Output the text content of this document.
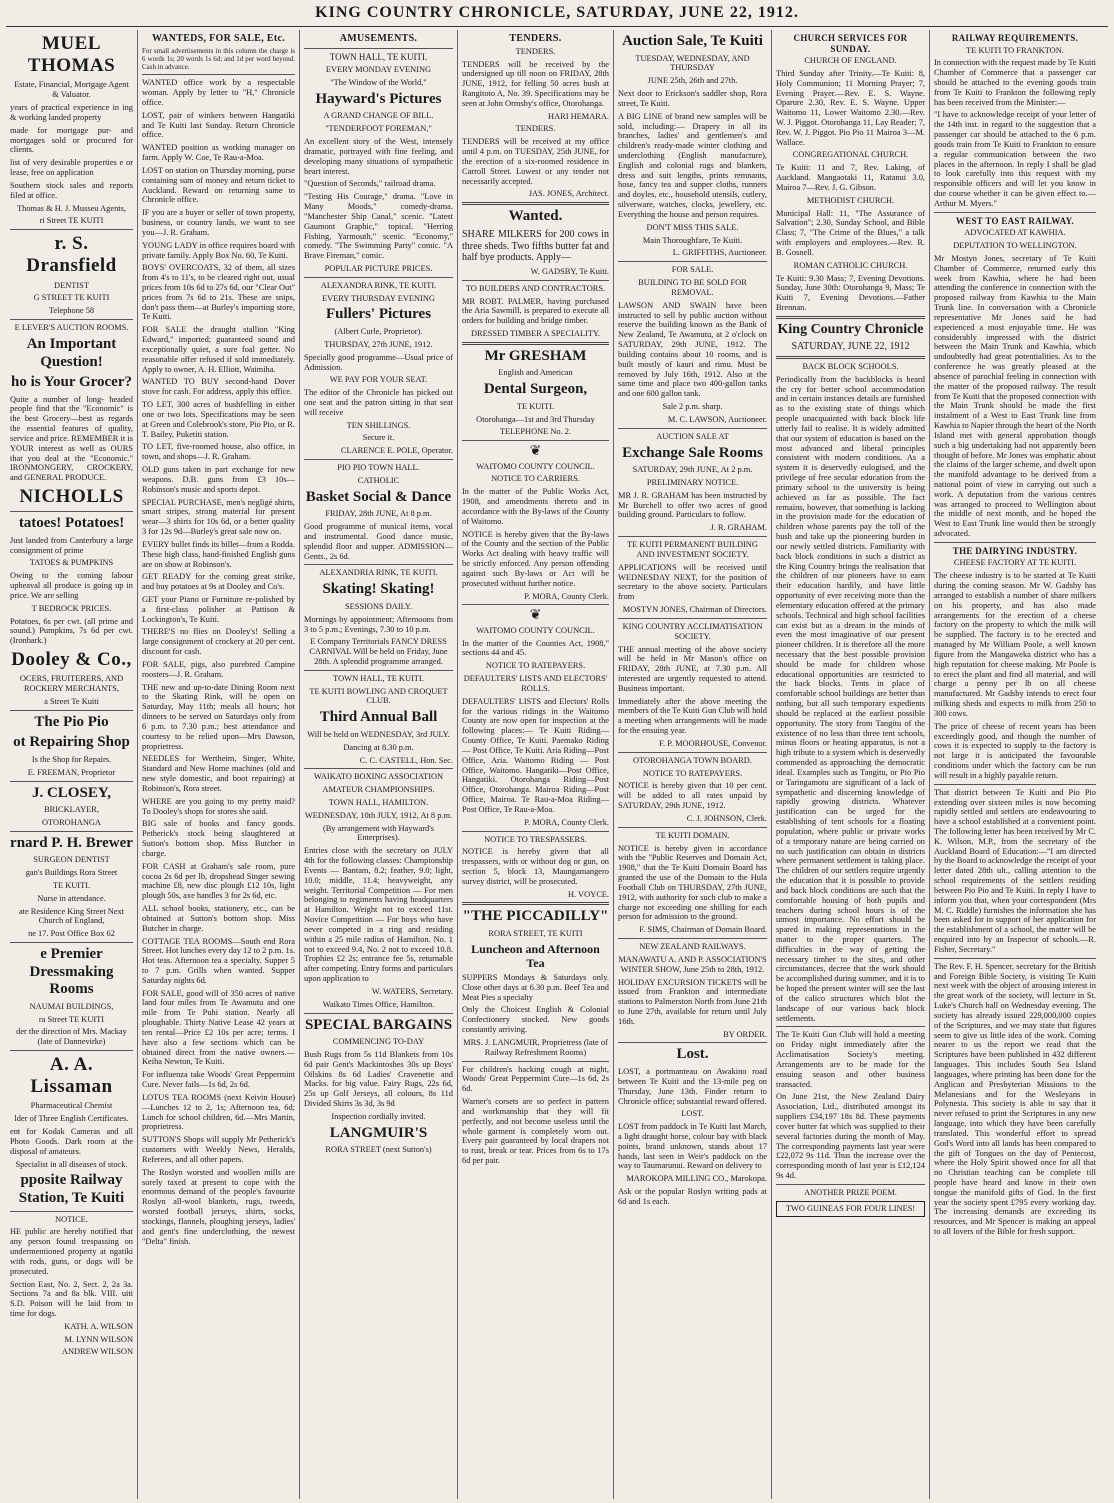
KING COUNTRY CHRONICLE, SATURDAY, JUNE 22, 1912.
MUEL THOMAS

Estate, Financial, Mortgage Agent & Valuator.

years of practical experience in ing & working landed property

made for mortgage pur- and mortgages sold or procured for clients.

list of very desirable properties e or lease, free on application

Southern stock sales and reports filed at office.

Thomas & H. J. Musseu Agents,

ri Street TE KUITI

r. S. Dransfield

DENTIST

G STREET TE KUITI

Telephone 58

E LEVER'S AUCTION ROOMS.

An Important Question!
ho is Your Grocer?

Quite a number of long- headed people find that the "Economic" is the best Grocery—best as regards the essential features of quality, service and price. REMEMBER it is YOUR interest as well as OURS that you deal at the "Economic." IRONMONGERY, CROCKERY, and GENERAL PRODUCE.

NICHOLLS
tatoes! Potatoes!

Just landed from Canterbury a large consignment of prime

TATOES & PUMPKINS

Owing to the coming labour upheaval all produce is going up in price. We are selling

T BEDROCK PRICES.

Potatoes, 6s per cwt. (all prime and sound.) Pumpkins, 7s 6d per cwt. (Ironbark.)

Dooley & Co.,

OCERS, FRUITERERS, AND ROCKERY MERCHANTS,

a Street Te Kuiti

The Pio Pio
ot Repairing Shop

Is the Shop for Repairs.

E. FREEMAN, Proprietor

J. CLOSEY,

BRICKLAYER,

OTOROHANGA

rnard P. H. Brewer

SURGEON DENTIST

gan's Buildings Rora Street

TE KUITI.

Nurse in attendance.

ate Residence King Street Next Church of England,

ne 17. Post Office Box 62

e Premier Dressmaking Rooms

NAUMAI BUILDINGS,

ra Street TE KUITI

der the direction of Mrs. Mackay (late of Dannevirke)

A. A. Lissaman

Pharmaceutical Chemist

lder of Three English Certificates.

ent for Kodak Cameras and all Photo Goods. Dark room at the disposal of amateurs.

Specialist in all diseases of stock.

pposite Railway Station, Te Kuiti

NOTICE.

HE public are hereby notified that any person found trespassing on undermentioned property at ngatiki with rods, guns, or dogs will be prosecuted.

Section East, No. 2, Sect. 2, 2a 3a. Sections 7a and 8a blk. VIII. uiti S.D. Poison will be laid from to time for dogs.

KATH. A. WILSON

M. LYNN WILSON

ANDREW WILSON

WANTEDS, FOR SALE, Etc.

For small advertisements in this column the charge is 6 words 1s; 20 words 1s 6d; and 1d per word beyond. Cash in advance.

WANTED office work by a respectable woman. Apply by letter to "H," Chronicle office.

LOST, pair of winkers between Hangatiki and Te Kuiti last Sunday. Return Chronicle office.

WANTED position as working manager on farm. Apply W. Coe, Te Rau-a-Moa.

LOST on station on Thursday morning, purse containing sum of money and return ticket to Auckland. Reward on returning same to Chronicle office.

IF you are a buyer or seller of town property, business, or country lands, we want to see you—J. R. Graham.

YOUNG LADY in office requires board with private family. Apply Box No. 60, Te Kuiti.

BOYS' OVERCOATS, 32 of them, all sizes from 4's to 11's, to be cleared right out, usual prices from 10s 6d to 27s 6d, our "Clear Out" prices from 7s 6d to 21s. These are snips, don't pass them—at Burley's importing store, Te Kuiti.

FOR SALE the draught stallion "King Edward," imported; guaranteed sound and exceptionally quiet, a sure foal getter. No reasonable offer refused if sold immediately. Apply to owner, A. H. Elliott, Waimiha.

WANTED TO BUY second-hand Dover stove for cash. For address, apply this office.

TO LET, 300 acres of bushfelling in either one or two lots. Specifications may be seen at Green and Colebrook's store, Pio Pio, or R. T. Bailey, Puketiti station.

TO LET, five-roomed house, also office, in town, and shops—J. R. Graham.

OLD guns taken in part exchange for new weapons. D.B. guns from £3 10s—Robinson's music and sports depot.

SPECIAL PURCHASE, men's negligé shirts, smart stripes, strong material for present wear—3 shirts for 10s 6d, or a better quality 3 for 12s 9d—Burley's great sale now on.

EVERY bullet finds its billet—from a Rodda. These high class, hand-finished English guns are on show at Robinson's.

GET READY for the coming great strike, and buy potatoes at 9s at Dooley and Co's.

GET your Piano or Furniture re-polished by a first-class polisher at Pattison & Lockington's, Te Kuiti.

THERE'S no flies on Dooley's! Selling a large consignment of crockery at 20 per cent. discount for cash.

FOR SALE, pigs, also purebred Campine roosters—J. R. Graham.

THE new and up-to-date Dining Room next to the Skating Rink, will be open on Saturday, May 11th; meals all hours; hot dinners to be served on Saturdays only from 6 p.m. to 7.30 p.m.; best attendance and courtesy to be relied upon—Mrs Dawson, proprietress.

NEEDLES for Wertheim, Singer, White, Standard and New Home machines (old and new style domestic, and boot repairing) at Robinson's, Rora street.

WHERE are you going to my pretty maid? To Dooley's shops for stores she said.

BIG sale of books and fancy goods. Petherick's stock being slaughtered at Sutton's bottom shop. Miss Butcher in charge.

FOR CASH at Graham's sale room, pure cocoa 2s 6d per lb, dropshead Singer sewing machine £8, new disc plough £12 10s, light plough 50s, axe handles 3 for 2s 6d, etc.

ALL school books, stationery, etc., can be obtained at Sutton's bottom shop. Miss Butcher in charge.

COTTAGE TEA ROOMS—South end Rora Street. Hot lunches every day 12 to 2 p.m. 1s. Hot teas. Afternoon tea a specialty. Supper 5 to 7 p.m. Grills when wanted. Supper Saturday nights 6d.

FOR SALE, good will of 350 acres of native land four miles from Te Awamutu and one mile from Te Puhi station. Nearly all ploughable. Thirty Native Lease 42 years at ten rental—Price £2 10s per acre; terms. I have also a few sections which can be obtained direct from the native owners.—Keiha Newton, Te Kuiti.

For influenza take Woods' Great Peppermint Cure. Never fails—1s 6d, 2s 6d.

LOTUS TEA ROOMS (next Keivin House)—Lunches 12 to 2, 1s; Afternoon tea, 6d; Lunch for school children, 6d.—Mrs Martin, proprietress.

SUTTON'S Shops will supply Mr Petherick's customers with Weekly News, Heralds, Referees, and all other papers.

The Roslyn worsted and woollen mills are sorely taxed at present to cope with the enormous demand of the people's favourite Roslyn all-wool blankets, rugs, tweeds, worsted football jerseys, shirts, socks, stockings, flannels, ploughing jerseys, ladies' and gent's fine underclothing, the newest "Delta" finish.

AMUSEMENTS.

TOWN HALL, TE KUITI.

EVERY MONDAY EVENING

"The Window of the World,"

Hayward's Pictures

A GRAND CHANGE OF BILL.

"TENDERFOOT FOREMAN,"

An excellent story of the West, intensely dramatic, portrayed with fine feeling, and developing many situations of sympathetic heart interest.

"Question of Seconds," railroad drama.

"Testing His Courage," drama. "Love in Many Moods," comedy-drama. "Manchester Ship Canal," scenic. "Latest Gaumont Graphic," topical. "Herring Fishing, Yarmouth," scenic. "Economy," comedy. "The Swimming Party" comic. "A Brave Fireman," comic.

POPULAR PICTURE PRICES.

ALEXANDRA RINK, TE KUITI.

EVERY THURSDAY EVENING

Fullers' Pictures

(Albert Curle, Proprietor).

THURSDAY, 27th JUNE, 1912.

Specially good programme—Usual price of Admission.

WE PAY FOR YOUR SEAT.

The editor of the Chronicle has picked out one seat and the patron sitting in that seat will receive

TEN SHILLINGS.

Secure it.

CLARENCE E. POLE, Operator.

PIO PIO TOWN HALL.

CATHOLIC

Basket Social & Dance

FRIDAY, 28th JUNE, At 8 p.m.

Good programme of musical items, vocal and instrumental. Good dance music, splendid floor and supper. ADMISSION—Gents., 2s 6d.

ALEXANDRIA RINK, TE KUITI.

Skating! Skating!

SESSIONS DAILY.

Mornings by appointment; Afternoons from 3 to 5 p.m.; Evenings, 7.30 to 10 p.m.

E Company Territorials FANCY DRESS CARNIVAL Will be held on Friday, June 28th. A splendid programme arranged.

TOWN HALL, TE KUITI.

TE KUITI BOWLING AND CROQUET CLUB.

Third Annual Ball

Will be held on WEDNESDAY, 3rd JULY.

Dancing at 8.30 p.m.

C. C. CASTELL, Hon. Sec.

WAIKATO BOXING ASSOCIATION

AMATEUR CHAMPIONSHIPS.

TOWN HALL, HAMILTON.

WEDNESDAY, 10th JULY, 1912, At 8 p.m.

(By arrangement with Hayward's Enterprises).

Entries close with the secretary on JULY 4th for the following classes: Championship Events — Bantam, 8.2; feather, 9.0; light, 10.0; middle, 11.4; heavyweight, any weight. Territorial Competition — For men belonging to regiments having headquarters at Hamilton. Weight not to exceed 11st. Novice Competition — For boys who have never competed in a ring and residing within a 25 mile radius of Hamilton. No. 1 not to exceed 9.4, No. 2 not to exceed 10.8. Trophies £2 2s; entrance fee 5s, returnable after competing. Entry forms and particulars upon application to

W. WATERS, Secretary.

Waikato Times Office, Hamilton.

SPECIAL BARGAINS

COMMENCING TO-DAY

Bush Rugs from 5s 11d Blankets from 10s 6d pair Gent's Mackintoshes 30s up Boys' Oilskins 8s 6d Ladies' Cravenette and Macks. for big value. Fairy Rugs, 22s 6d, 25s up Golf Jerseys, all colours, 8s 11d Divided Skirts 3s 3d, 3s 9d

Inspection cordially invited.

LANGMUIR'S

RORA STREET (next Sutton's)

TENDERS.

TENDERS.

TENDERS will be received by the undersigned up till noon on FRIDAY, 28th JUNE, 1912, for felling 50 acres bush at Rangitoto A, No. 39. Specifications may be seen at John Ormsby's office, Otorohanga.

HARI HEMARA.

TENDERS.

TENDERS will be received at my office until 4 p.m. on TUESDAY, 25th JUNE, for the erection of a six-roomed residence in Carroll Street. Lowest or any tender not necessarily accepted.

JAS. JONES, Architect.

Wanted.

SHARE MILKERS for 200 cows in three sheds. Two fifths butter fat and half bye products. Apply—

W. GADSBY, Te Kuiti.

TO BUILDERS AND CONTRACTORS.

MR ROBT. PALMER, having purchased the Aria Sawmill, is prepared to execute all orders for building and bridge timber.

DRESSED TIMBER A SPECIALITY.

Mr GRESHAM

English and American

Dental Surgeon,

TE KUITI.

Otorohanga—1st and 3rd Thursday

TELEPHONE No. 2.

❦

WAITOMO COUNTY COUNCIL.

NOTICE TO CARRIERS.

In the matter of the Public Works Act, 1908, and amendments thereto and in accordance with the By-laws of the County of Waitomo.

NOTICE is hereby given that the By-laws of the County and the section of the Public Works Act dealing with heavy traffic will be strictly enforced. Any person offending against such By-laws or Act will be prosecuted without further notice.

P. MORA, County Clerk.

❦

WAITOMO COUNTY COUNCIL.

In the matter of the Counties Act, 1908," sections 44 and 45.

NOTICE TO RATEPAYERS.

DEFAULTERS' LISTS AND ELECTORS' ROLLS.

DEFAULTERS' LISTS and Electors' Rolls for the various ridings in the Waitomo County are now open for inspection at the following places:— Te Kuiti Riding—County Office, Te Kuiti. Paemako Riding — Post Office, Te Kuiti. Aria Riding—Post Office, Aria. Waitomo Riding — Post Office, Waitomo. Hangatiki—Post Office, Hangatiki. Otorohanga Riding—Post Office, Otorohanga. Mairoa Riding—Post Office, Mairoa. Te Rau-a-Moa Riding—Post Office, Te Rau-a-Moa.

P. MORA, County Clerk.

NOTICE TO TRESPASSERS.

NOTICE is hereby given that all trespassers, with or without dog or gun, on section 5, block 13, Maungamangero survey district, will be prosecuted.

H. VOYCE.

"THE PICCADILLY"

RORA STREET, TE KUITI

Luncheon and Afternoon Tea

SUPPERS Mondays & Saturdays only. Close other days at 6.30 p.m. Beef Tea and Meat Pies a specialty

Only the Choicest English & Colonial Confectionery stocked. New goods constantly arriving.

MRS. J. LANGMUIR, Proprietress (late of Railway Refreshment Rooms)

For children's hacking cough at night, Woods' Great Peppermint Cure—1s 6d, 2s 6d.

Warner's corsets are so perfect in pattern and workmanship that they will fit perfectly, and not become useless until the whole garment is completely worn out. Every pair guaranteed by local drapers not to rust, break or tear. Prices from 6s to 17s 6d per pair.

Auction Sale, Te Kuiti

TUESDAY, WEDNESDAY, AND THURSDAY

JUNE 25th, 26th and 27th.

Next door to Erickson's saddler shop, Rora street, Te Kuiti.

A BIG LINE of brand new samples will be sold, including:— Drapery in all its branches, ladies' and gentlemen's and children's ready-made winter clothing and underclothing (English manufacture), English and colonial rugs and blankets, dress and suit lengths, prints remnants, hose, fancy tea and supper cloths, runners and doyles, etc., household utensils, cutlery, silverware, watches, clocks, jewellery, etc. Everything the house and person requires.

DON'T MISS THIS SALE.

Main Thoroughfare, Te Kuiti.

L. GRIFFITHS, Auctioneer.

FOR SALE.

BUILDING TO BE SOLD FOR REMOVAL.

LAWSON AND SWAIN have been instructed to sell by public auction without reserve the building known as the Bank of New Zealand, Te Awamutu, at 2 o'clock on SATURDAY, 29th JUNE, 1912. The building contains about 10 rooms, and is built mostly of kauri and rimu. Must be removed by July 16th, 1912. Also at the same time and place two 400-gallon tanks and one 600 gallon tank.

Sale 2 p.m. sharp.

M. C. LAWSON, Auctioneer.

AUCTION SALE AT

Exchange Sale Rooms

SATURDAY, 29th JUNE, At 2 p.m.

PRELIMINARY NOTICE.

MR J. R. GRAHAM has been instructed by Mr Burchell to offer two acres of good building ground. Particulars to follow.

J. R. GRAHAM.

TE KUITI PERMANENT BUILDING AND INVESTMENT SOCIETY.

APPLICATIONS will be received until WEDNESDAY NEXT, for the position of secretary to the above society. Particulars from

MOSTYN JONES, Chairman of Directors.

KING COUNTRY ACCLIMATISATION SOCIETY.

THE annual meeting of the above society will be held in Mr Mason's office on FRIDAY, 28th JUNE, at 7.30 p.m. All interested are urgently requested to attend. Business important.

Immediately after the above meeting the members of the Te Kuiti Gun Club will hold a meeting when arrangements will be made for the ensuing year.

F. P. MOORHOUSE, Convenor.

OTOROHANGA TOWN BOARD.

NOTICE TO RATEPAYERS.

NOTICE is hereby given that 10 per cent. will be added to all rates unpaid by SATURDAY, 29th JUNE, 1912.

C. J. JOHNSON, Clerk.

TE KUITI DOMAIN.

NOTICE is hereby given in accordance with the "Public Reserves and Domain Act, 1908," that the Te Kuiti Domain Board has granted the use of the Domain to the Hula Football Club on THURSDAY, 27th JUNE, 1912, with authority for such club to make a charge not exceeding one shilling for each person for admission to the ground.

F. SIMS, Chairman of Domain Board.

NEW ZEALAND RAILWAYS.

MANAWATU A. AND P. ASSOCIATION'S WINTER SHOW, June 25th to 28th, 1912.

HOLIDAY EXCURSION TICKETS will be issued from Frankton and intermediate stations to Palmerston North from June 21th to June 27th, available for return until July 16th.

BY ORDER.

Lost.

LOST, a portmanteau on Awakino road between Te Kuiti and the 13-mile peg on Thursday, June 13th. Finder return to Chronicle office; substantial reward offered.

LOST.

LOST from paddock in Te Kuiti last March, a light draught horse, colour bay with black points, brand unknown, stands about 17 hands, last seen in Weir's paddock on the way to Taumarunui. Reward on delivery to

MAROKOPA MILLING CO., Marokopa.

Ask or the popular Roslyn writing pads at 6d and 1s each.

CHURCH SERVICES FOR SUNDAY.

CHURCH OF ENGLAND.

Third Sunday after Trinity.—Te Kuiti: 8, Holy Communion; 11 Morning Prayer; 7, Evening Prayer.—Rev. E. S. Wayne. Oparure 2.30, Rev. E. S. Wayne. Upper Waitomo 11, Lower Waitomo 2.30.—Rev. W. J. Piggot. Otorohanga 11, Lay Reader; 7, Rev. W. J. Piggot. Pio Pio 11 Mairoa 3—M. Wallace.

CONGREGATIONAL CHURCH.

Te Kuiti: 11 and 7, Rev. Laking, of Auckland. Mangaotaki 11, Ratanui 3.0, Mairoa 7—Rev. J. G. Gibson.

METHODIST CHURCH.

Municipal Hall: 11, "The Assurance of Salvation"; 2.30, Sunday School, and Bible Class; 7, "The Crime of the Blues," a talk with employers and employees.—Rev. R. B. Gosnell.

ROMAN CATHOLIC CHURCH.

Te Kuiti: 9.30 Mass; 7, Evening Devotions. Sunday, June 30th: Otorohanga 9, Mass; Te Kuiti 7, Evening Devotions.—Father Brennan.

King Country Chronicle

SATURDAY, JUNE 22, 1912

BACK BLOCK SCHOOLS.

Periodically from the backblocks is heard the cry for better school accommodation and in certain instances details are furnished as to the existing state of things which people unacquainted with back block life utterly fail to realise. It is widely admitted that our system of education is based on the most advanced and liberal principles consistent with modern conditions. As a system it is deservedly eulogised, and the privilege of free secular education from the primary school to the university is being achieved as far as possible. The fact remains, however, that something is lacking in the provision made for the education of children whose parents pay the toll of the bush and take up the pioneering burden in our newly settled districts. Familiarity with back block conditions in such a district as the King Country brings the realisation that the children of our pioneers have to earn their education hardily, and have little opportunity of ever receiving more than the elementary education offered at the primary schools. Technical and high school facilities can exist but as a dream in the minds of even the most imaginative of our present pioneer children. It is therefore all the more necessary that the best possible provision should be made for children whose educational opportunities are restricted to the back blocks. Tents in place of comfortable school buildings are better than nothing, but all such temporary expedients should be replaced at the earliest possible opportunity. The story from Tangitu of the existence of no less than three tent schools, minus floors or heating apparatus, is not a high tribute to a system which is deservedly commended as approaching the democratic ideal. Examples such as Tangitu, or Pio Pio or Taringamotu are significant of a lack of sympathetic and discerning knowledge of rapidly growing districts. Whatever justification can be urged for the establishing of tent schools for a floating population, where public or private works of a temporary nature are being carried on no such justification can obtain in districts where permanent settlement is taking place. The children of our settlers require urgently the education that it is possible to provide and back block conditions are such that the comfortable housing of both pupils and teachers during school hours is of the utmost importance. No effort should be spared in making representations in the matter to the proper quarters. The difficulties in the way of getting the necessary timber to the sites, and other circumstances, decree that the work should be accomplished during summer, and it is to be hoped the present winter will see the last of the calico structures which blot the landscape of our various back block settlements.

The Te Kuiti Gun Club will hold a meeting on Friday night immediately after the Acclimatisation Society's meeting. Arrangements are to be made for the ensuing season and other business transacted.

On June 21st, the New Zealand Dairy Association, Ltd., distributed amongst its suppliers £34,197 18s 8d. These payments cover butter fat which was supplied to their several factories during the month of May. The corresponding payments last year were £22,072 9s 11d. Thus the increase over the corresponding month of last year is £12,124 9s 4d.

ANOTHER PRIZE POEM.

TWO GUINEAS FOR FOUR LINES!
RAILWAY REQUIREMENTS.

TE KUITI TO FRANKTON.

In connection with the request made by Te Kuiti Chamber of Commerce that a passenger car should be attached to the evening goods train from Te Kuiti to Frankton the following reply has been received from the Minister:—

"I have to acknowledge receipt of your letter of the 14th inst. in regard to the suggestion that a passenger car should be attached to the 6 p.m. goods train from Te Kuiti to Frankton to ensure a regular communication between the two places in the afternoon. In reply I shall be glad to look carefully into this request with my responsible officers and will let you know in due course whether it can be given effect to.—Arthur M. Myers."

WEST TO EAST RAILWAY.

ADVOCATED AT KAWHIA.

DEPUTATION TO WELLINGTON.

Mr Mostyn Jones, secretary of Te Kuiti Chamber of Commerce, returned early this week from Kawhia, where he had been attending the conference in connection with the proposed railway from Kawhia to the Main Trunk line. In conversation with a Chronicle representative Mr Jones said he had experienced a most enjoyable time. He was considerably impressed with the district between the Main Trunk and Kawhia, which undoubtedly had great potentialities. As to the conference he was greatly pleased at the absence of parochial feeling in connection with the matter of the proposed railway. The result from Te Kuiti that the proposed connection with the Main Trunk should be made the first instalment of a West to East Trunk line from Kawhia to Napier through the heart of the North Island met with general approbation though such a big undertaking had not apparently been thought of before. Mr Jones was emphatic about the claims of the larger scheme, and dwelt upon the manifold advantage to be derived from a national point of view in carrying out such a work. A deputation from the various centres was arranged to proceed to Wellington about the middle of next month, and he hoped the West to East Trunk line would then be strongly advocated.

THE DAIRYING INDUSTRY.

CHEESE FACTORY AT TE KUITI.

The cheese industry is to be started at Te Kuiti during the coming season. Mr W. Gadsby has arranged to establish a number of share milkers on his property, and has also made arrangements for the erection of a cheese factory on the property to which the milk will be supplied. The factory is to be erected and managed by Mr William Poole, a well known figure from the Mangaweka district who has a high reputation for cheese making. Mr Poole is to erect the plant and find all material, and will charge a penny per lb on all cheese manufactured. Mr Gadsby intends to erect four milking sheds and expects to milk from 250 to 300 cows.

The price of cheese of recent years has been exceedingly good, and though the number of cows it is expected to supply to the factory is not large it is anticipated the favourable conditions under which the factory can be run will result in a highly payable return.

That district between Te Kuiti and Pio Pio extending over sixteen miles is now becoming rapidly settled and settlers are endeavouring to have a school established at a convenient point. The following letter has been received by Mr C. K. Wilson, M.P., from the secretary of the Auckland Board of Education:—"I am directed by the Board to acknowledge the receipt of your letter dated 28th ult., calling attention to the school requirements of the settlers residing between Pio Pio and Te Kuiti. In reply I have to inform you that, when your correspondent (Mrs M. C. Riddle) furnishes the information she has been asked for in support of her application for the establishment of a school, the matter will be enquired into by an Inspector of schools.—R. Fisher, Secretary."

The Rev. F. H. Spencer, secretary for the British and Foreign Bible Society, is visiting Te Kuiti next week with the object of arousing interest in the great work of the society, will lecture in St. Luke's Church hall on Wednesday evening. The society has already issued 229,000,000 copies of the Scriptures, and we may state that figures seem to give us little idea of the work. Coming nearer to us the report we read that the Scriptures have been published in 432 different languages. This includes South Sea Island languages, where printing has been done for the Anglican and Presbyterian Missions to the Melanesians and for the Wesleyans in Polynesia. This society is able to say that it never refused to print the Scriptures in any new language, into which they have been carefully translated. This wonderful effort to spread God's Word into all lands has been compared to the gift of Tongues on the day of Pentecost, where the Holy Spirit showed once for all that no Christian teaching can be complete till people have heard and know in their own tongue the manifold gifts of God. In the first year the society spent £795 every working day. The increasing demands are exceeding its resources, and Mr Spencer is making an appeal to all lovers of the Bible for fresh support.
